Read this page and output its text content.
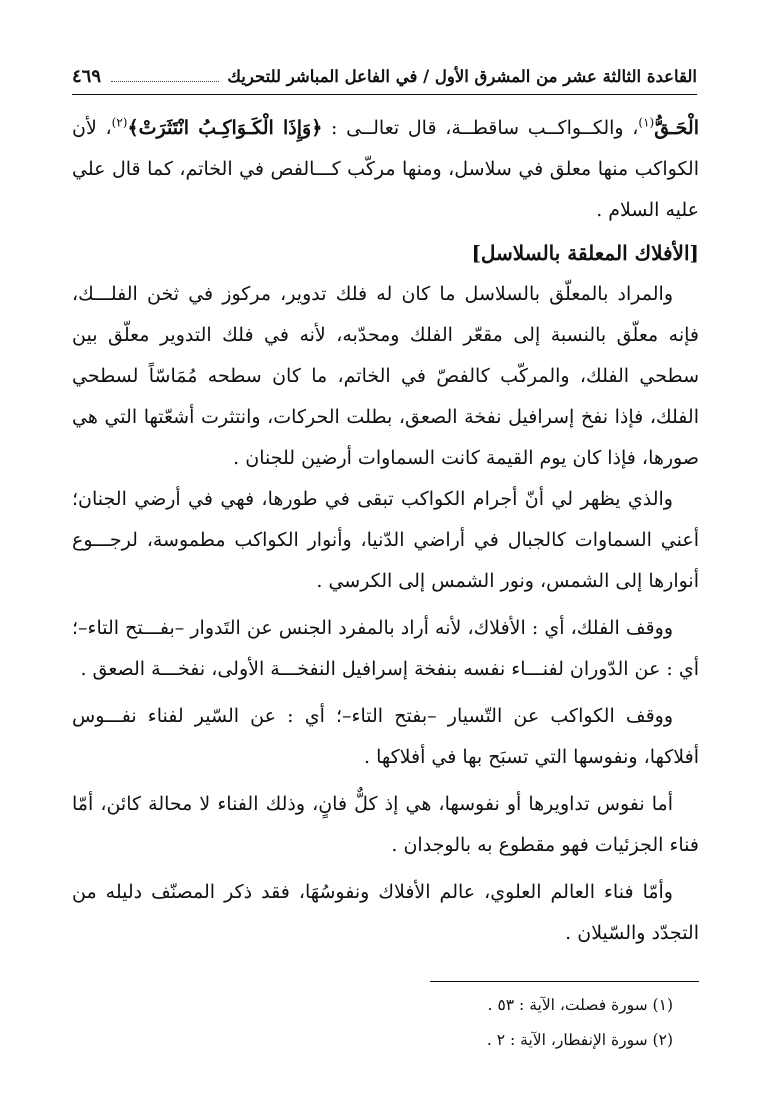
القاعدة الثالثة عشر من المشرق الأول / في الفاعل المباشر للتحريك
٤٦٩

الْحَـقُّ$^{(١)}$، والكــواكــب ساقطــة، قال تعالــى : ﴿وَإِذَا الْكَـوَاكِـبُ انْتَثَرَتْ﴾$^{(٢)}$، لأن الكواكب منها معلق في سلاسل، ومنها مركّب كـــالفص في الخاتم، كما قال علي عليه السلام .

[الأفلاك المعلقة بالسلاسل]

والمراد بالمعلّق بالسلاسل ما كان له فلك تدوير، مركوز في ثخن الفلـــك، فإنه معلّق بالنسبة إلى مقعّر الفلك ومحدّبه، لأنه في فلك التدوير معلّق بين سطحي الفلك، والمركّب كالفصّ في الخاتم، ما كان سطحه مُمَاسّاً لسطحي الفلك، فإذا نفخ إسرافيل نفخة الصعق، بطلت الحركات، وانتثرت أشعّتها التي هي صورها، فإذا كان يوم القيمة كانت السماوات أرضين للجنان .

والذي يظهر لي أنّ أجرام الكواكب تبقى في طورها، فهي في أرضي الجنان؛ أعني السماوات كالجبال في أراضي الدّنيا، وأنوار الكواكب مطموسة، لرجـــوع أنوارها إلى الشمس، ونور الشمس إلى الكرسي .

ووقف الفلك، أي : الأفلاك، لأنه أراد بالمفرد الجنس عن التَدوار –بفـــتح التاء–؛ أي : عن الدّوران لفنـــاء نفسه بنفخة إسرافيل النفخـــة الأولى، نفخـــة الصعق .

ووقف الكواكب عن التّسيار –بفتح التاء–؛ أي : عن السّير لفناء نفـــوس أفلاكها، ونفوسها التي تسبَح بها في أفلاكها .

أما نفوس تداويرها أو نفوسها، هي إذ كلٌّ فانٍ، وذلك الفناء لا محالة كائن، أمّا فناء الجزئيات فهو مقطوع به بالوجدان .

وأمّا فناء العالم العلوي، عالم الأفلاك ونفوسُهَا، فقد ذكر المصنّف دليله من التجدّد والسّيلان .

(١) سورة فصلت، الآية : ٥٣ .
(٢) سورة الإنفطار، الآية : ٢ .
